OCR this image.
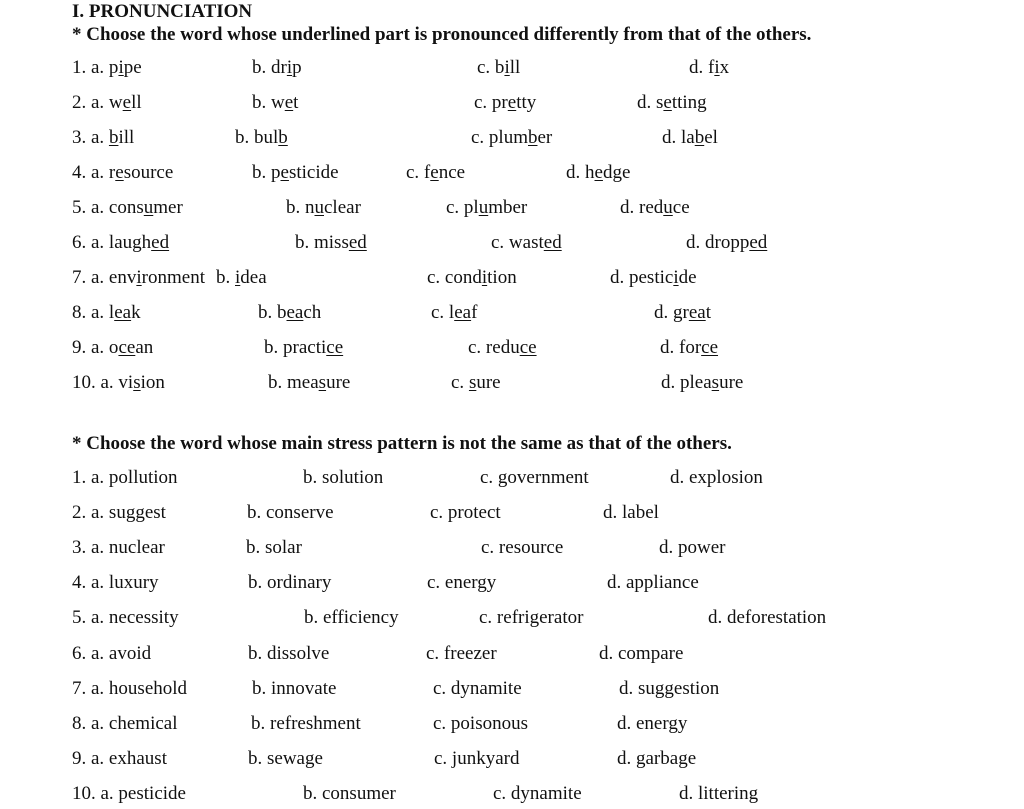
I. PRONUNCIATION
* Choose the word whose underlined part is pronounced differently from that of the others.
1. a. pipe	b. drip	c. bill	d. fix
2. a. well	b. wet	c. pretty	d. setting
3. a. bill	b. bulb	c. plumber	d. label
4. a. resource	b. pesticide	c. fence	d. hedge
5. a. consumer	b. nuclear	c. plumber	d. reduce
6. a. laughed	b. missed	c. wasted	d. dropped
7. a. environment b. idea	c. condition	d. pesticide
8. a. leak	b. beach	c. leaf	d. great
9. a. ocean	b. practice	c. reduce	d. force
10. a. vision	b. measure	c. sure	d. pleasure
* Choose the word whose main stress pattern is not the same as that of the others.
1. a. pollution	b. solution	c. government	d. explosion
2. a. suggest	b. conserve	c. protect	d. label
3. a. nuclear	b. solar	c. resource	d. power
4. a. luxury	b. ordinary	c. energy	d. appliance
5. a. necessity	b. efficiency	c. refrigerator	d. deforestation
6. a. avoid	b. dissolve	c. freezer	d. compare
7. a. household	b. innovate	c. dynamite	d. suggestion
8. a. chemical	b. refreshment	c. poisonous	d. energy
9. a. exhaust	b. sewage	c. junkyard	d. garbage
10. a. pesticide	b. consumer	c. dynamite	d. littering
